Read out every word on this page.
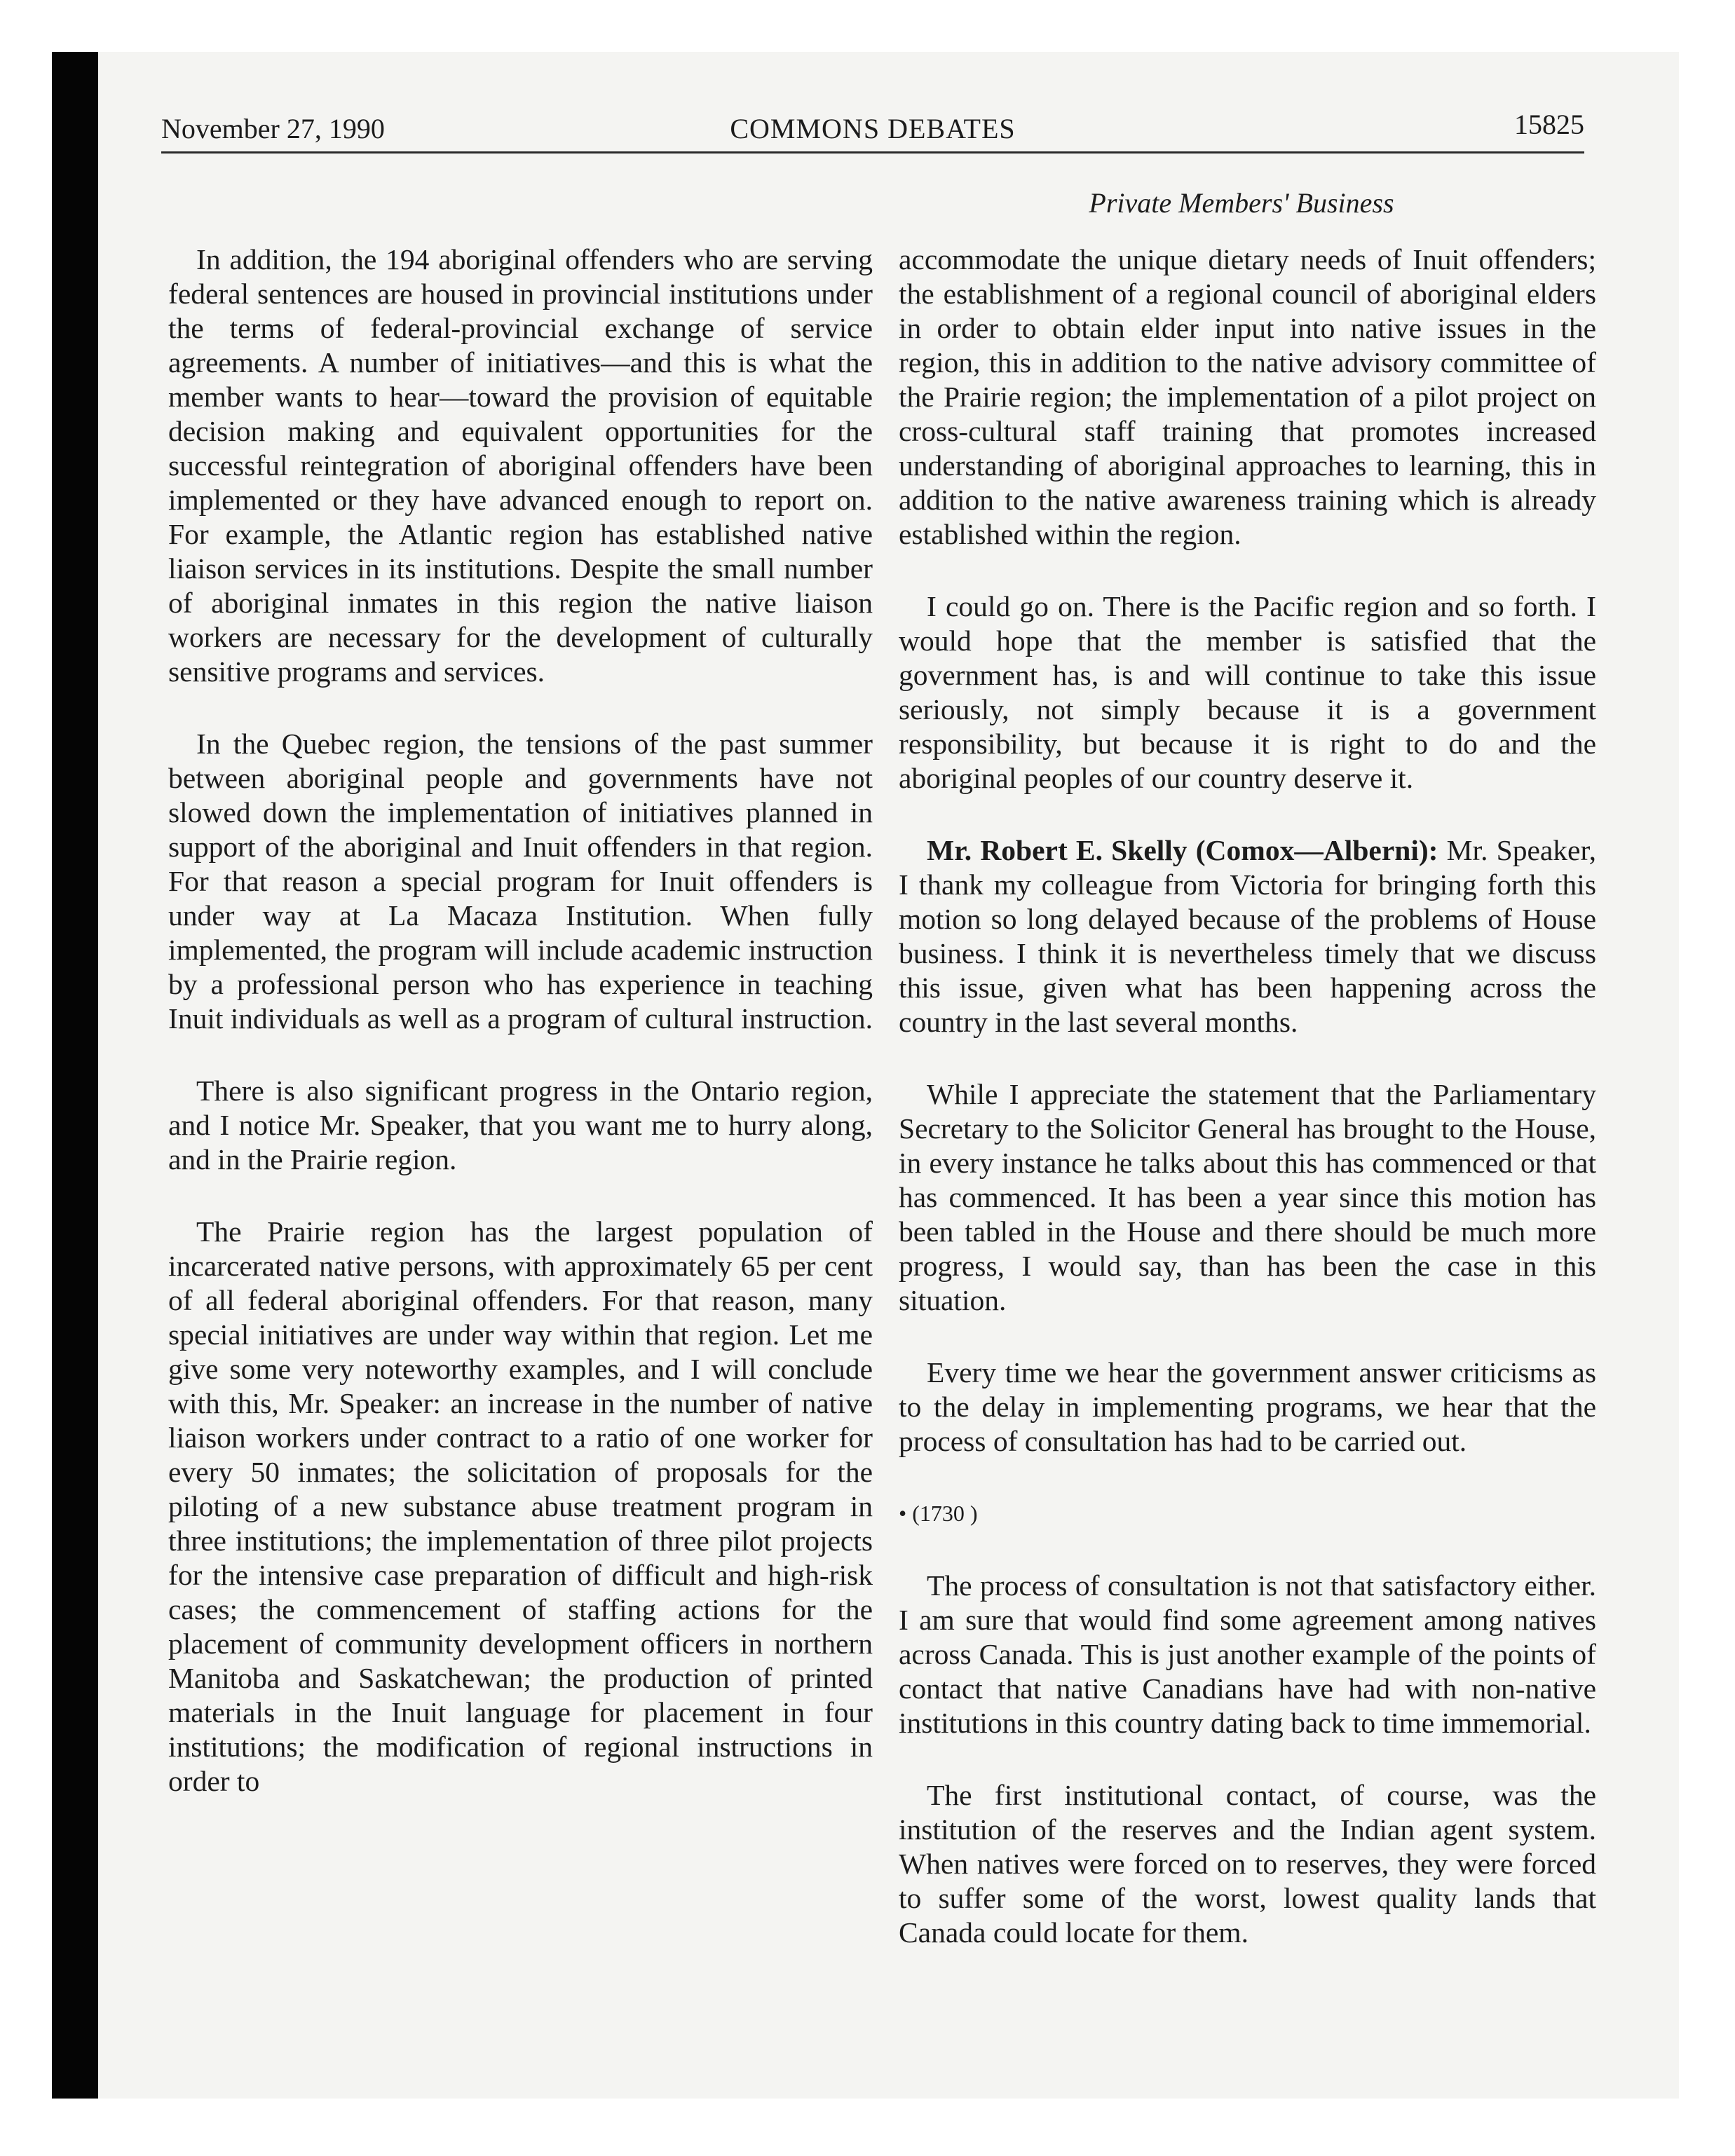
November 27, 1990	COMMONS DEBATES	15825
Private Members' Business

In addition, the 194 aboriginal offenders who are serving federal sentences are housed in provincial institutions under the terms of federal-provincial exchange of service agreements. A number of initiatives—and this is what the member wants to hear—toward the provision of equitable decision making and equivalent opportunities for the successful reintegration of aboriginal offenders have been implemented or they have advanced enough to report on. For example, the Atlantic region has established native liaison services in its institutions. Despite the small number of aboriginal inmates in this region the native liaison workers are necessary for the development of culturally sensitive programs and services.

In the Quebec region, the tensions of the past summer between aboriginal people and governments have not slowed down the implementation of initiatives planned in support of the aboriginal and Inuit offenders in that region. For that reason a special program for Inuit offenders is under way at La Macaza Institution. When fully implemented, the program will include academic instruction by a professional person who has experience in teaching Inuit individuals as well as a program of cultural instruction.

There is also significant progress in the Ontario region, and I notice Mr. Speaker, that you want me to hurry along, and in the Prairie region.

The Prairie region has the largest population of incarcerated native persons, with approximately 65 per cent of all federal aboriginal offenders. For that reason, many special initiatives are under way within that region. Let me give some very noteworthy examples, and I will conclude with this, Mr. Speaker: an increase in the number of native liaison workers under contract to a ratio of one worker for every 50 inmates; the solicitation of proposals for the piloting of a new substance abuse treatment program in three institutions; the implementation of three pilot projects for the intensive case preparation of difficult and high-risk cases; the commencement of staffing actions for the placement of community development officers in northern Manitoba and Saskatchewan; the production of printed materials in the Inuit language for placement in four institutions; the modification of regional instructions in order to

accommodate the unique dietary needs of Inuit offenders; the establishment of a regional council of aboriginal elders in order to obtain elder input into native issues in the region, this in addition to the native advisory committee of the Prairie region; the implementation of a pilot project on cross-cultural staff training that promotes increased understanding of aboriginal approaches to learning, this in addition to the native awareness training which is already established within the region.

I could go on. There is the Pacific region and so forth. I would hope that the member is satisfied that the government has, is and will continue to take this issue seriously, not simply because it is a government responsibility, but because it is right to do and the aboriginal peoples of our country deserve it.

Mr. Robert E. Skelly (Comox—Alberni): Mr. Speaker, I thank my colleague from Victoria for bringing forth this motion so long delayed because of the problems of House business. I think it is nevertheless timely that we discuss this issue, given what has been happening across the country in the last several months.

While I appreciate the statement that the Parliamentary Secretary to the Solicitor General has brought to the House, in every instance he talks about this has commenced or that has commenced. It has been a year since this motion has been tabled in the House and there should be much more progress, I would say, than has been the case in this situation.

Every time we hear the government answer criticisms as to the delay in implementing programs, we hear that the process of consultation has had to be carried out.

• (1730 )

The process of consultation is not that satisfactory either. I am sure that would find some agreement among natives across Canada. This is just another example of the points of contact that native Canadians have had with non-native institutions in this country dating back to time immemorial.

The first institutional contact, of course, was the institution of the reserves and the Indian agent system. When natives were forced on to reserves, they were forced to suffer some of the worst, lowest quality lands that Canada could locate for them.
